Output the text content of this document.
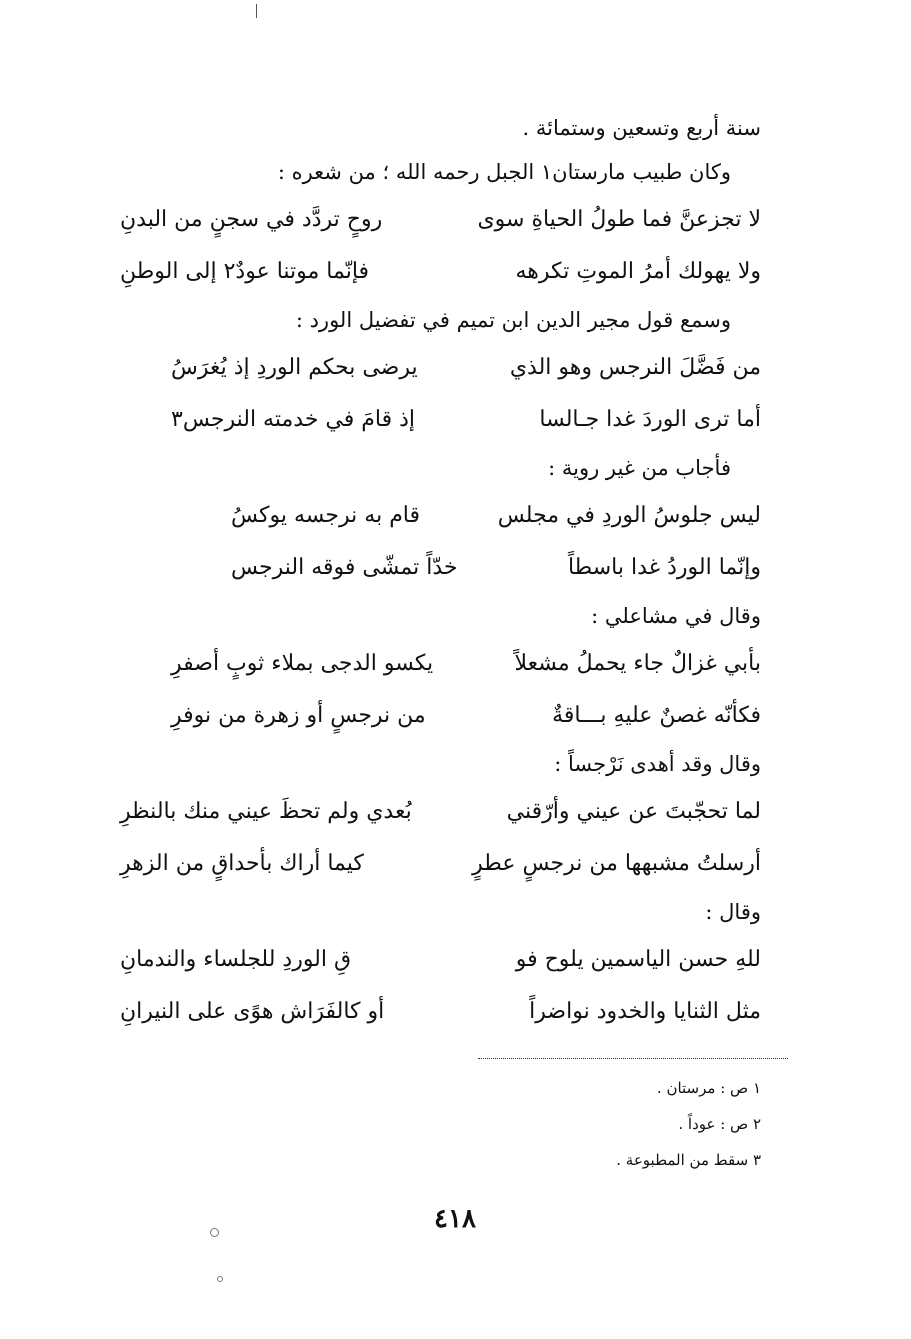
سنة أربع وتسعين وستمائة .

وكان طبيب مارستان١ الجبل رحمه الله ؛ من شعره :

لا تجزعنَّ فما طولُ الحياةِ سوى
روحٍ تردَّد في سجنٍ من البدنِ
ولا يهولك أمرُ الموتِ تكرهه
فإنّما موتنا عودٌ٢ إلى الوطنِ

وسمع قول مجير الدين ابن تميم في تفضيل الورد :

من فَضَّلَ النرجس وهو الذي
يرضى بحكم الوردِ إذ يُغرَسُ
أما ترى الوردَ غدا جـالسا
إذ قامَ في خدمته النرجس٣

فأجاب من غير روية :

ليس جلوسُ الوردِ في مجلس
قام به نرجسه يوكسُ
وإنّما الوردُ غدا باسطاً
خدّاً تمشّى فوقه النرجس

وقال في مشاعلي :

بأبي غزالٌ جاء يحملُ مشعلاً
يكسو الدجى بملاء ثوبٍ أصفرِ
فكأنّه غصنٌ عليهِ بـــاقةٌ
من نرجسٍ أو زهرة من نوفرِ

وقال وقد أهدى نَرْجساً :

لما تحجّبتَ عن عيني وأرّقني
بُعدي ولم تحظَ عيني منك بالنظرِ
أرسلتُ مشبهها من نرجسٍ عطرٍ
كيما أراك بأحداقٍ من الزهرِ

وقال :

للهِ حسن الياسمين يلوح فو
قِ الوردِ للجلساء والندمانِ
مثل الثنايا والخدود نواضراً
أو كالفَرَاش هوًى على النيرانِ
١ ص : مرستان .
٢ ص : عوداً .
٣ سقط من المطبوعة .
٤١٨
